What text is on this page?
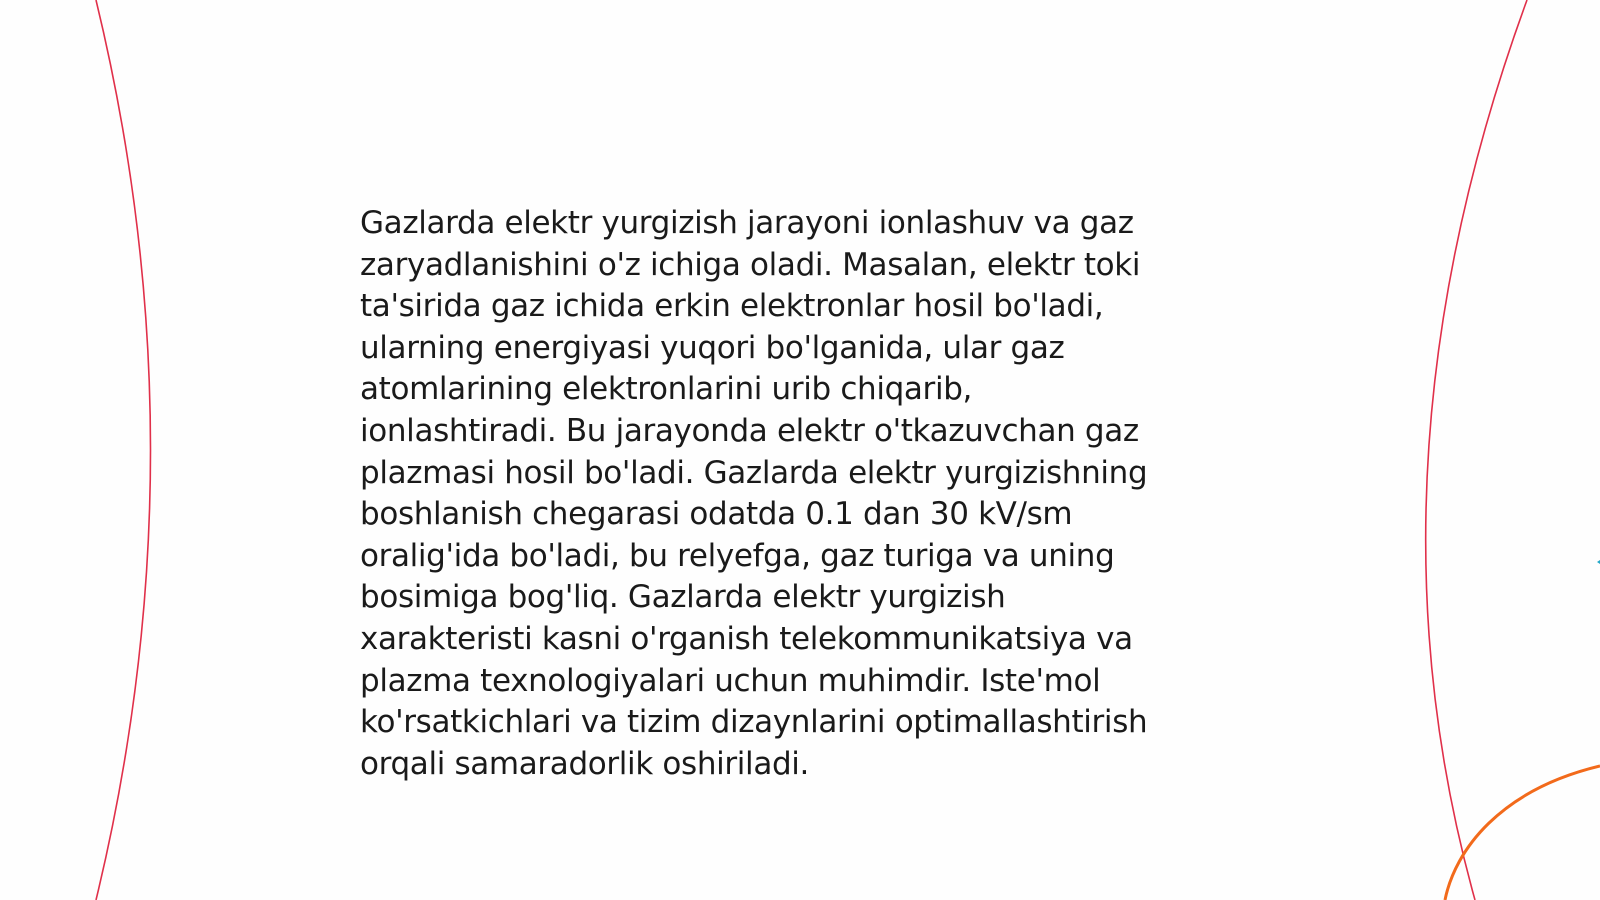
Gazlarda elektr yurgizish jarayoni ionlashuv va gaz
zaryadlanishini o'z ichiga oladi. Masalan, elektr toki
ta'sirida gaz ichida erkin elektronlar hosil bo'ladi,
ularning energiyasi yuqori bo'lganida, ular gaz
atomlarining elektronlarini urib chiqarib,
ionlashtiradi. Bu jarayonda elektr o'tkazuvchan gaz
plazmasi hosil bo'ladi. Gazlarda elektr yurgizishning
boshlanish chegarasi odatda 0.1 dan 30 kV/sm
oralig'ida bo'ladi, bu relyefga, gaz turiga va uning
bosimiga bog'liq. Gazlarda elektr yurgizish
xarakteristi kasni o'rganish telekommunikatsiya va
plazma texnologiyalari uchun muhimdir. Iste'mol
ko'rsatkichlari va tizim dizaynlarini optimallashtirish
orqali samaradorlik oshiriladi.
